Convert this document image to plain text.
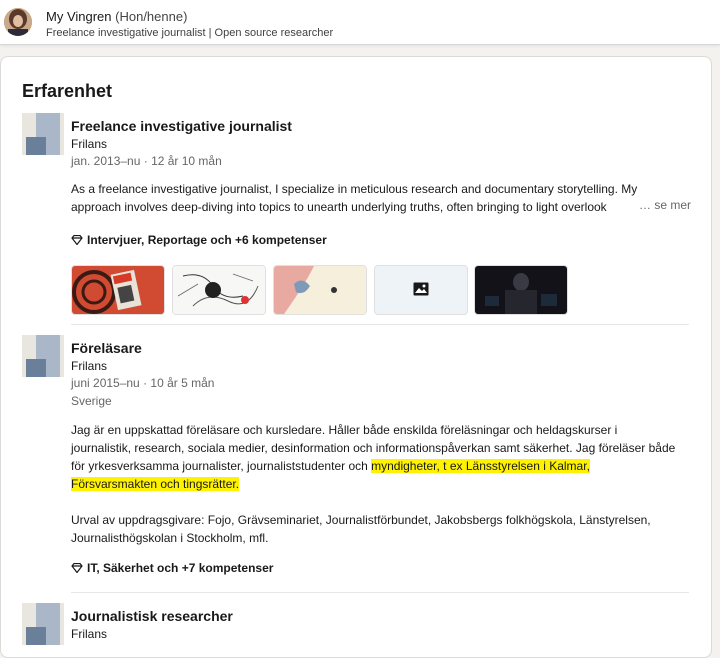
My Vingren (Hon/henne)
Freelance investigative journalist | Open source researcher
Erfarenhet
Freelance investigative journalist
Frilans
jan. 2013–nu · 12 år 10 mån
As a freelance investigative journalist, I specialize in meticulous research and documentary storytelling. My
approach involves deep-diving into topics to unearth underlying truths, often bringing to light overlook	… se mer
Intervjuer, Reportage och +6 kompetenser
Föreläsare
Frilans
juni 2015–nu · 10 år 5 mån
Sverige
Jag är en uppskattad föreläsare och kursledare. Håller både enskilda föreläsningar och heldagskurser i
journalistik, research, sociala medier, desinformation och informationspåverkan samt säkerhet. Jag föreläser både
för yrkesverksamma journalister, journaliststudenter och myndigheter, t ex Länsstyrelsen i Kalmar,
Försvarsmakten och tingsrätter.

Urval av uppdragsgivare: Fojo, Grävseminariet, Journalistförbundet, Jakobsbergs folkhögskola, Länstyrelsen,
Journalisthögskolan i Stockholm, mfl.
IT, Säkerhet och +7 kompetenser
Journalistisk researcher
Frilans
